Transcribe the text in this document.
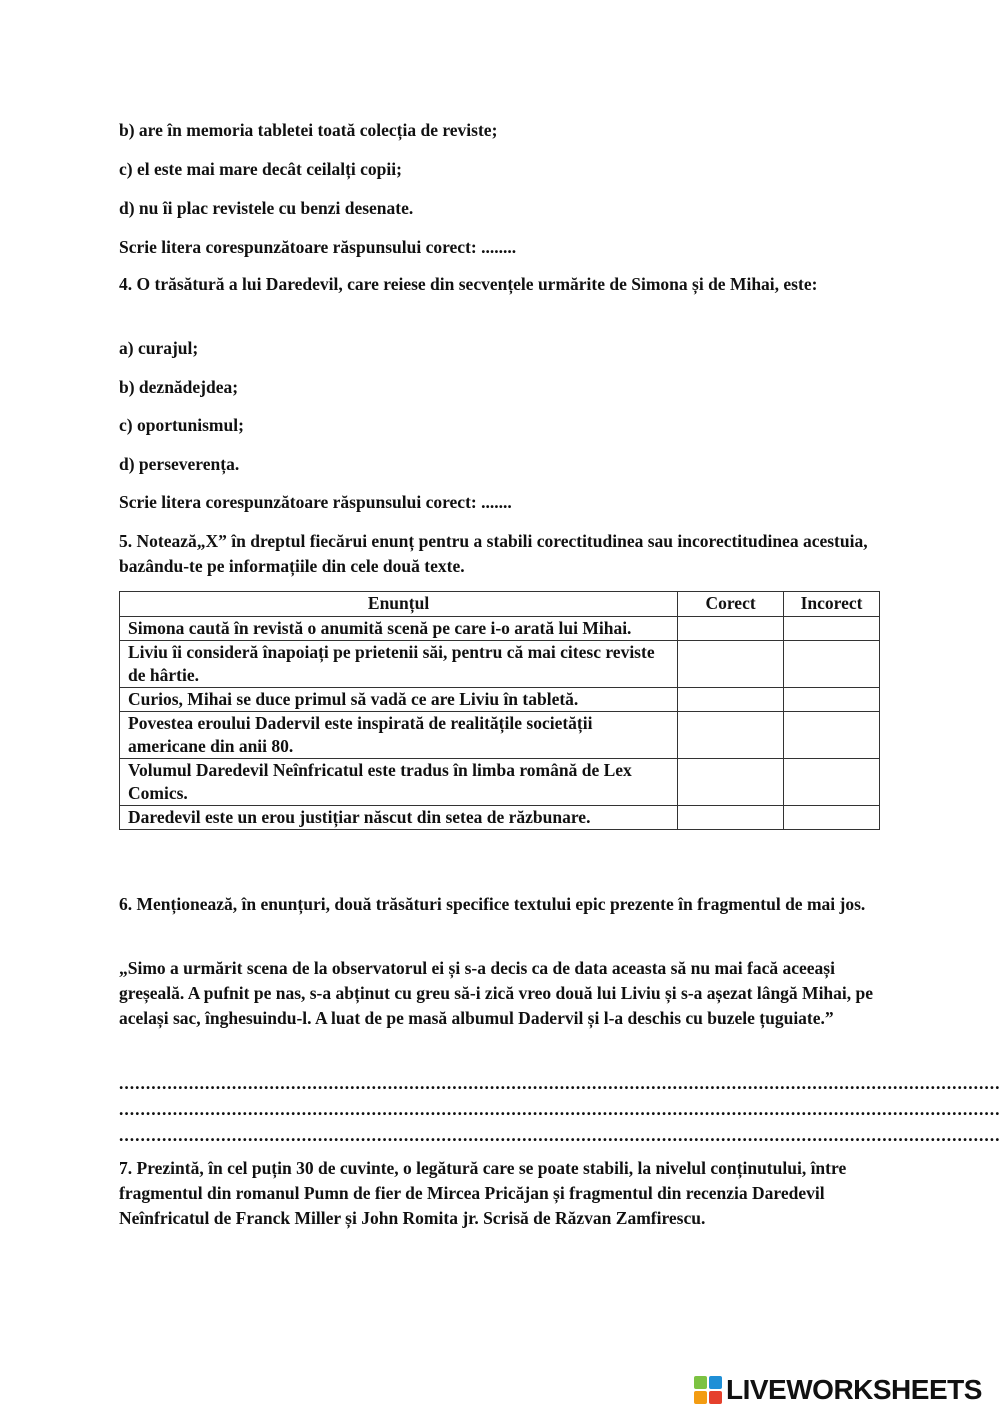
b) are în memoria tabletei toată colecția de reviste;

c) el este mai mare decât ceilalți copii;

d) nu îi plac revistele cu benzi desenate.

Scrie litera corespunzătoare răspunsului corect: ........

4. O trăsătură a lui Daredevil, care reiese din secvențele urmărite de Simona și de Mihai, este:

a) curajul;

b) deznădejdea;

c) oportunismul;

d) perseverența.

Scrie litera corespunzătoare răspunsului corect: .......

5. Notează„X” în dreptul fiecărui enunț pentru a stabili corectitudinea sau incorectitudinea acestuia, bazându-te pe informațiile din cele două texte.

Enunțul	Corect	Incorect
Simona caută în revistă o anumită scenă pe care i-o arată lui Mihai.		
Liviu îi consideră înapoiați pe prietenii săi, pentru că mai citesc reviste de hârtie.		
Curios, Mihai se duce primul să vadă ce are Liviu în tabletă.		
Povestea eroului Dadervil este inspirată de realitățile societății americane din anii 80.		
Volumul Daredevil Neînfricatul este tradus în limba română de Lex Comics.		
Daredevil este un erou justițiar născut din setea de răzbunare.		

6. Menționează, în enunțuri, două trăsături specifice textului epic prezente în fragmentul de mai jos.

„Simo a urmărit scena de la observatorul ei și s-a decis ca de data aceasta să nu mai facă aceeași greșeală. A pufnit pe nas, s-a abținut cu greu să-i zică vreo două lui Liviu și s-a așezat lângă Mihai, pe același sac, înghesuindu-l. A luat de pe masă albumul Dadervil și l-a deschis cu buzele țuguiate.”

....................................................................................................................................................................
....................................................................................................................................................................
....................................................................................................................................................................

7. Prezintă, în cel puțin 30 de cuvinte, o legătură care se poate stabili, la nivelul conținutului, între fragmentul din romanul Pumn de fier de Mircea Pricăjan și fragmentul din recenzia Daredevil Neînfricatul de Franck Miller și John Romita jr. Scrisă de Răzvan Zamfirescu.

LIVEWORKSHEETS
